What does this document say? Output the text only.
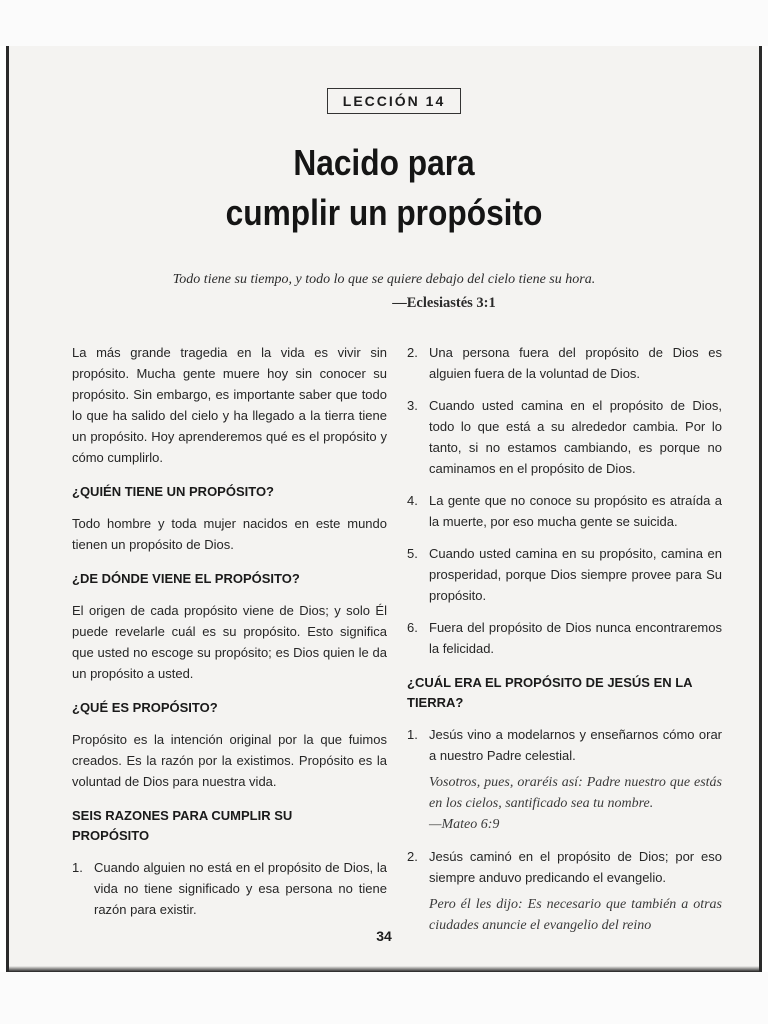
LECCIÓN 14
Nacido para
cumplir un propósito
Todo tiene su tiempo, y todo lo que se quiere debajo del cielo tiene su hora.
—Eclesiastés 3:1

La más grande tragedia en la vida es vivir sin propósito. Mucha gente muere hoy sin conocer su propósito. Sin embargo, es importante saber que todo lo que ha salido del cielo y ha llegado a la tierra tiene un propósito. Hoy aprenderemos qué es el propósito y cómo cumplirlo.

¿QUIÉN TIENE UN PROPÓSITO?

Todo hombre y toda mujer nacidos en este mundo tienen un propósito de Dios.

¿DE DÓNDE VIENE EL PROPÓSITO?

El origen de cada propósito viene de Dios; y solo Él puede revelarle cuál es su propósito. Esto significa que usted no escoge su propósito; es Dios quien le da un propósito a usted.

¿QUÉ ES PROPÓSITO?

Propósito es la intención original por la que fuimos creados. Es la razón por la existimos. Propósito es la voluntad de Dios para nuestra vida.

SEIS RAZONES PARA CUMPLIR SU
PROPÓSITO
1. Cuando alguien no está en el propósito de Dios, la vida no tiene significado y esa persona no tiene razón para existir.
2. Una persona fuera del propósito de Dios es alguien fuera de la voluntad de Dios.
3. Cuando usted camina en el propósito de Dios, todo lo que está a su alrededor cambia. Por lo tanto, si no estamos cambiando, es porque no caminamos en el propósito de Dios.
4. La gente que no conoce su propósito es atraída a la muerte, por eso mucha gente se suicida.
5. Cuando usted camina en su propósito, camina en prosperidad, porque Dios siempre provee para Su propósito.
6. Fuera del propósito de Dios nunca encontraremos la felicidad.
¿CUÁL ERA EL PROPÓSITO DE JESÚS EN LA TIERRA?
1. Jesús vino a modelarnos y enseñarnos cómo orar a nuestro Padre celestial.

Vosotros, pues, oraréis así: Padre nuestro que estás en los cielos, santificado sea tu nombre.

—Mateo 6:9

2. Jesús caminó en el propósito de Dios; por eso siempre anduvo predicando el evangelio.

Pero él les dijo: Es necesario que también a otras ciudades anuncie el evangelio del reino

34
